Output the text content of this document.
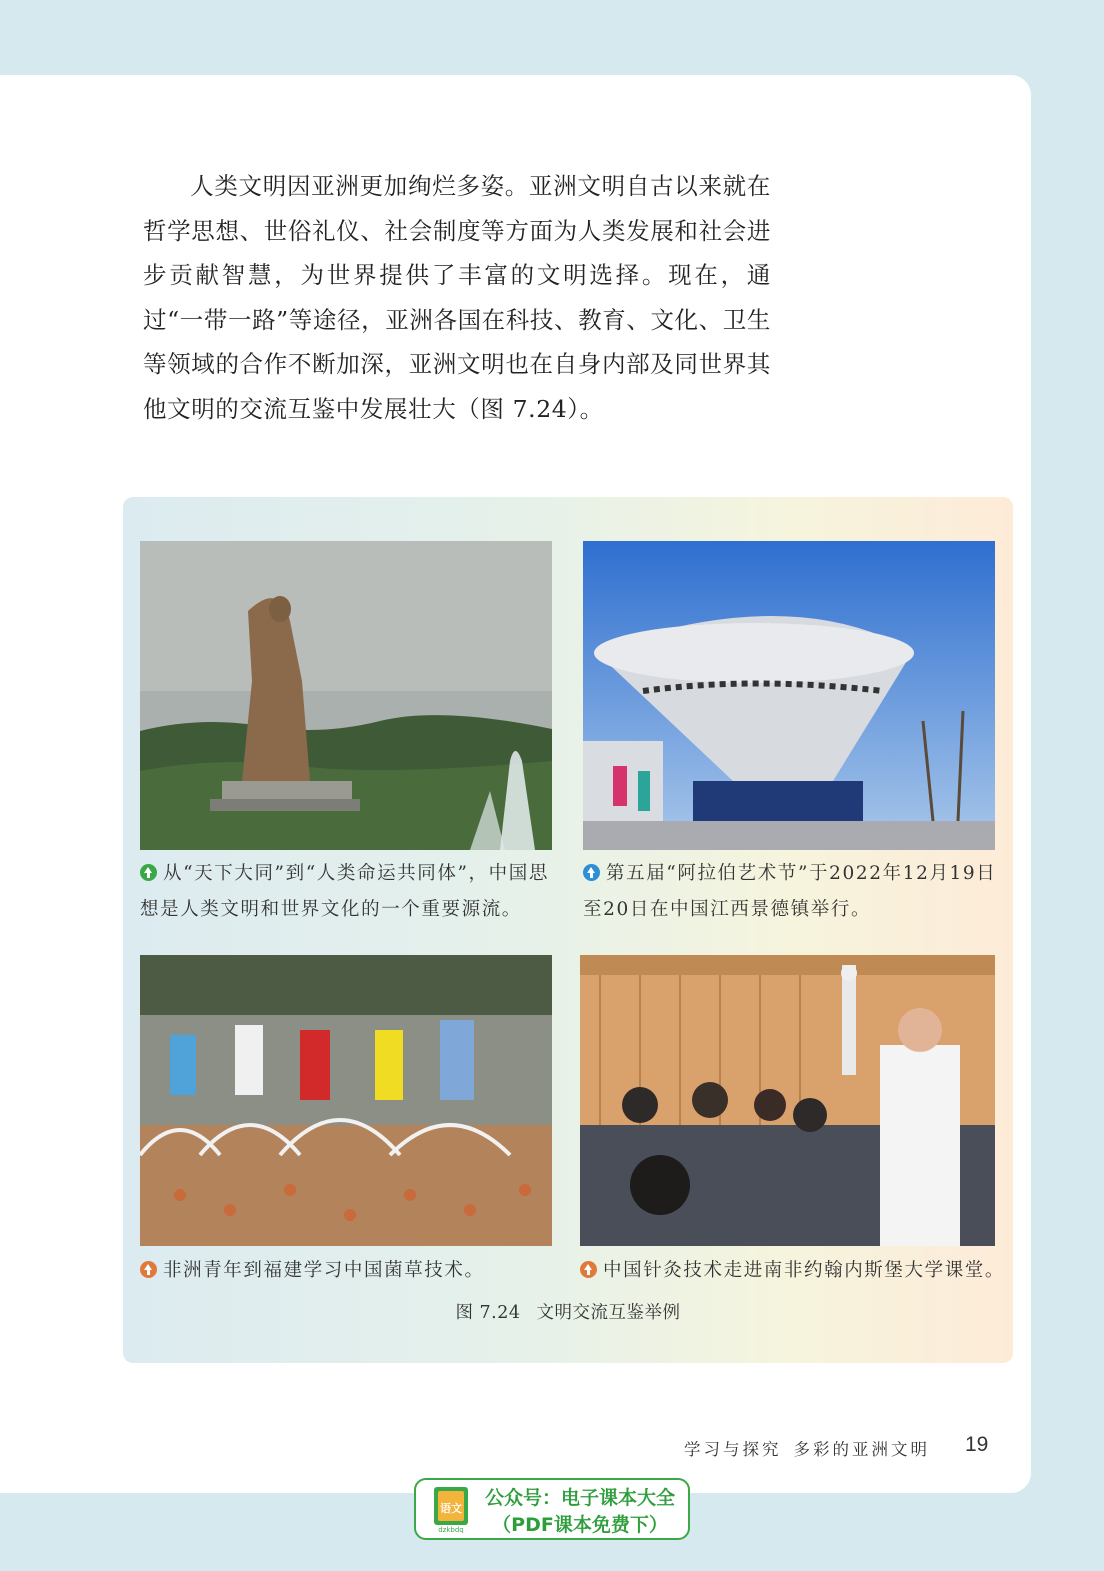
人类文明因亚洲更加绚烂多姿。亚洲文明自古以来就在哲学思想、世俗礼仪、社会制度等方面为人类发展和社会进步贡献智慧，为世界提供了丰富的文明选择。现在，通过“一带一路”等途径，亚洲各国在科技、教育、文化、卫生等领域的合作不断加深，亚洲文明也在自身内部及同世界其他文明的交流互鉴中发展壮大（图 7.24）。

从“天下大同”到“人类命运共同体”，中国思想是人类文明和世界文化的一个重要源流。

第五届“阿拉伯艺术节”于2022年12月19日至20日在中国江西景德镇举行。

非洲青年到福建学习中国菌草技术。	中国针灸技术走进南非约翰内斯堡大学课堂。

图 7.24 文明交流互鉴举例
学习与探究 多彩的亚洲文明 19
语文
dzkbdq
公众号：电子课本大全
（PDF课本免费下）
